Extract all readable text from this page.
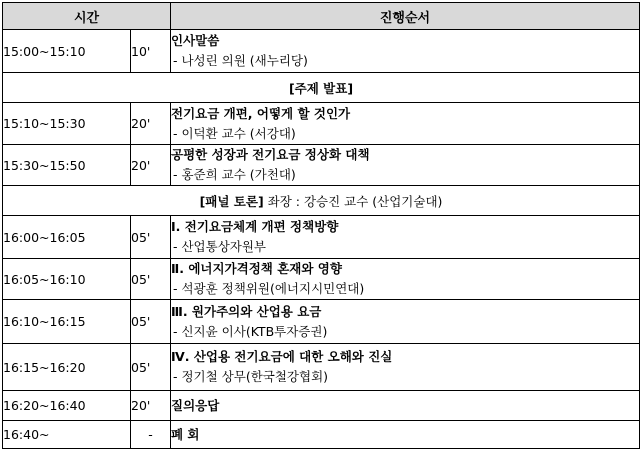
시간		진행순서
15:00~15:10	10'	인사말씀
- 나성린 의원 (새누리당)

[주제 발표]		
15:10~15:30	20'	전기요금 개편, 어떻게 할 것인가
- 이덕환 교수 (서강대)

15:30~15:50	20'	공평한 성장과 전기요금 정상화 대책
- 홍준희 교수 (가천대)

[패널 토론] 좌장 : 강승진 교수 (산업기술대)		
16:00~16:05	05'	Ⅰ. 전기요금체계 개편 정책방향
- 산업통상자원부

16:05~16:10	05'	Ⅱ. 에너지가격정책 혼재와 영향
- 석광훈 정책위원(에너지시민연대)

16:10~16:15	05'	Ⅲ. 원가주의와 산업용 요금
- 신지윤 이사(KTB투자증권)

16:15~16:20	05'	Ⅳ. 산업용 전기요금에 대한 오해와 진실
- 정기철 상무(한국철강협회)

16:20~16:40	20'	질의응답

16:40~	-	폐 회
